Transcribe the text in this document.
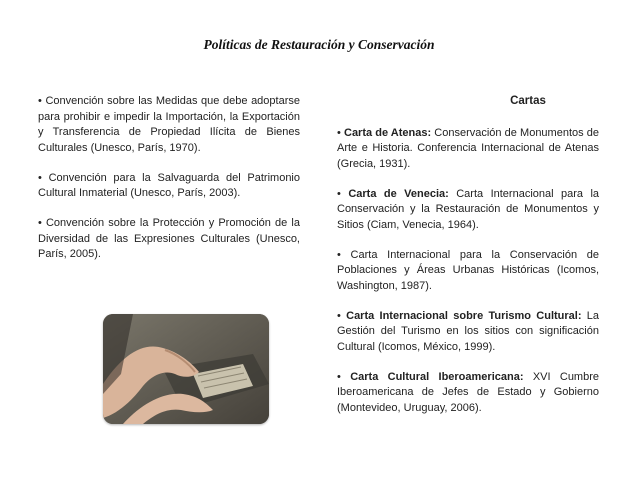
Políticas de Restauración y Conservación

• Convención sobre las Medidas que debe adoptarse para prohibir e impedir la Importación, la Exportación y Transferencia de Propiedad Ilícita de Bienes Culturales (Unesco, París, 1970).

• Convención para la Salvaguarda del Patrimonio Cultural Inmaterial (Unesco, París, 2003).

• Convención sobre la Protección y Promoción de la Diversidad de las Expresiones Culturales (Unesco, París, 2005).

Cartas

• Carta de Atenas: Conservación de Monumentos de Arte e Historia. Conferencia Internacional de Atenas (Grecia, 1931).

• Carta de Venecia: Carta Internacional para la Conservación y la Restauración de Monumentos y Sitios (Ciam, Venecia, 1964).

• Carta Internacional para la Conservación de Poblaciones y Áreas Urbanas Históricas (Icomos, Washington, 1987).

• Carta Internacional sobre Turismo Cultural: La Gestión del Turismo en los sitios con significación Cultural (Icomos, México, 1999).

• Carta Cultural Iberoamericana: XVI Cumbre Iberoamericana de Jefes de Estado y Gobierno (Montevideo, Uruguay, 2006).
